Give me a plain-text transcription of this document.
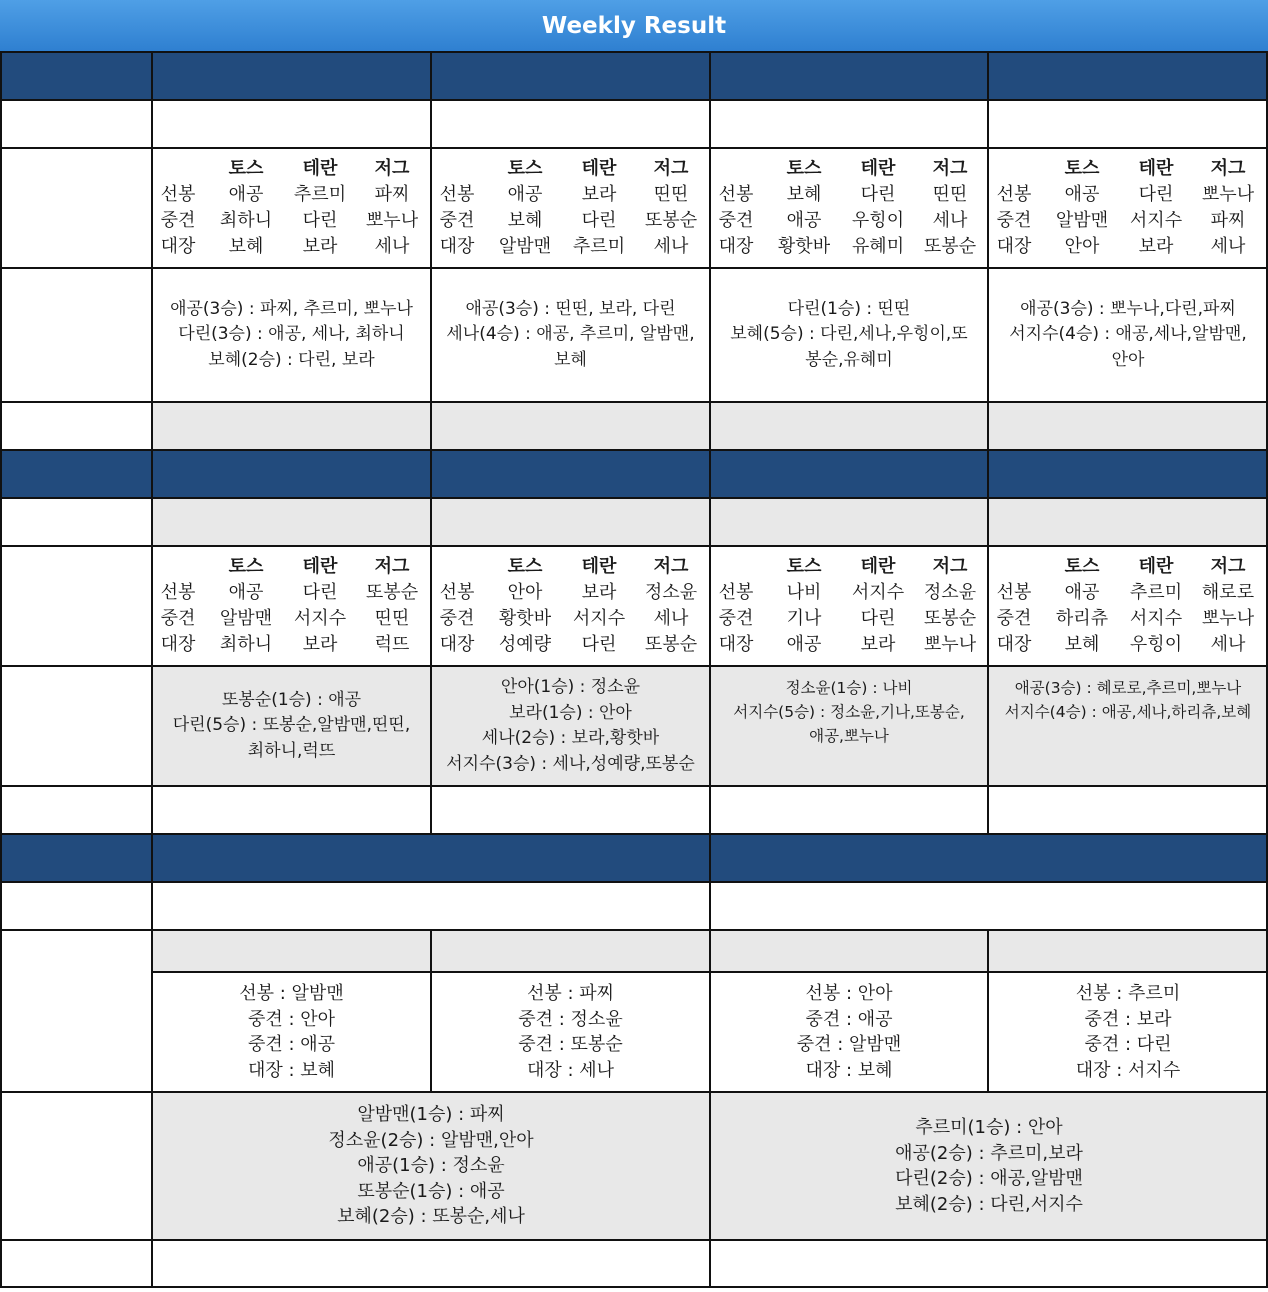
Weekly Result
토스 테란 저그
선봉 애공 추르미 파찌
중견 최하니 다린 뽀누나
대장 보혜 보라 세나
애공(3승) : 파찌, 추르미, 뽀누나
다린(3승) : 애공, 세나, 최하니
보혜(2승) : 다린, 보라
토스 테란 저그
선봉 애공 보라 띤띤
중견 보혜 다린 또봉순
대장 알밤맨 추르미 세나
애공(3승) : 띤띤, 보라, 다린
세나(4승) : 애공, 추르미, 알밤맨,
보혜
토스 테란 저그
선봉 보혜 다린 띤띤
중견 애공 우힝이 세나
대장 황핫바 유혜미 또봉순
다린(1승) : 띤띤
보혜(5승) : 다린,세나,우힝이,또
봉순,유혜미
토스 테란 저그
선봉 애공 다린 뽀누나
중견 알밤맨 서지수 파찌
대장 안아 보라 세나
애공(3승) : 뽀누나,다린,파찌
서지수(4승) : 애공,세나,알밤맨,
안아
토스 테란 저그
선봉 애공 다린 또봉순
중견 알밤맨 서지수 띤띤
대장 최하니 보라 럭뜨
또봉순(1승) : 애공
다린(5승) : 또봉순,알밤맨,띤띤,
최하니,럭뜨
토스 테란 저그
선봉 안아 보라 정소윤
중견 황핫바 서지수 세나
대장 성예량 다린 또봉순
안아(1승) : 정소윤
보라(1승) : 안아
세나(2승) : 보라,황핫바
서지수(3승) : 세나,성예량,또봉순
토스 테란 저그
선봉 나비 서지수 정소윤
중견 기나 다린 또봉순
대장 애공 보라 뽀누나
정소윤(1승) : 나비
서지수(5승) : 정소윤,기나,또봉순,
애공,뽀누나
토스 테란 저그
선봉 애공 추르미 해로로
중견 하리츄 서지수 뽀누나
대장 보혜 우힝이 세나
애공(3승) : 혜로로,추르미,뽀누나
서지수(4승) : 애공,세나,하리츄,보혜
선봉 : 알밤맨
중견 : 안아
중견 : 애공
대장 : 보혜
선봉 : 파찌
중견 : 정소윤
중견 : 또봉순
대장 : 세나
알밤맨(1승) : 파찌
정소윤(2승) : 알밤맨,안아
애공(1승) : 정소윤
또봉순(1승) : 애공
보혜(2승) : 또봉순,세나
선봉 : 안아
중견 : 애공
중견 : 알밤맨
대장 : 보혜
선봉 : 추르미
중견 : 보라
중견 : 다린
대장 : 서지수
추르미(1승) : 안아
애공(2승) : 추르미,보라
다린(2승) : 애공,알밤맨
보혜(2승) : 다린,서지수
